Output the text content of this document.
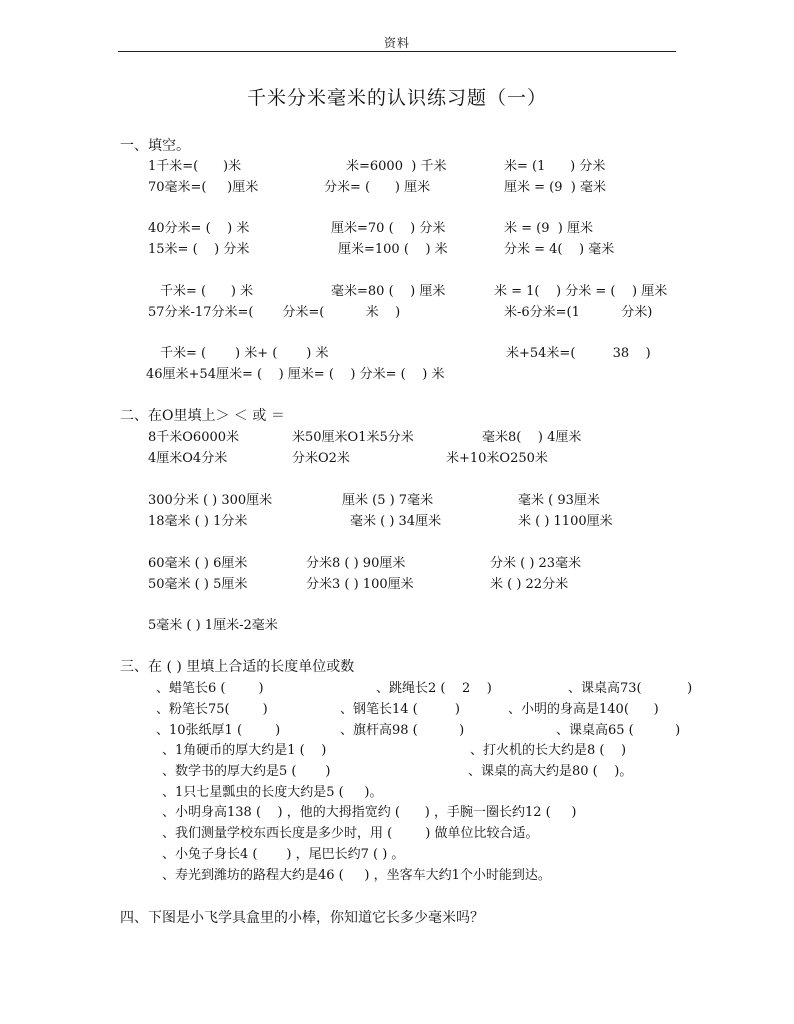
资料
千米分米毫米的认识练习题（一）
一、填空。
1千米=(      )米	米=6000  ) 千米	米= (1      ) 分米
70毫米=(     )厘米	分米= (      ) 厘米	厘米 = (9  ) 毫米
40分米= (    ) 米	厘米=70 (    ) 分米	米 = (9  ) 厘米
15米= (    ) 分米	厘米=100 (    ) 米	分米 = 4(    ) 毫米
千米= (      ) 米	毫米=80 (    ) 厘米	米 = 1(    ) 分米 = (    ) 厘米
57分米-17分米=(       分米=(          米    )	米-6分米=(1          分米)
千米= (       ) 米+ (       ) 米	米+54米=(         38    )
46厘米+54厘米= (    ) 厘米= (    ) 分米= (    ) 米
二、在O里填上＞ ＜ 或 ＝
8千米O6000米	米50厘米O1米5分米	毫米8(    ) 4厘米
4厘米O4分米	分米O2米	米+10米O250米
300分米 ( ) 300厘米	厘米 (5 ) 7毫米	毫米 ( 93厘米
18毫米 ( ) 1分米	毫米 ( ) 34厘米	米 ( ) 1100厘米
60毫米 ( ) 6厘米	分米8 ( ) 90厘米	分米 ( ) 23毫米
50毫米 ( ) 5厘米	分米3 ( ) 100厘米	米 ( ) 22分米
5毫米 ( ) 1厘米-2毫米
三、在 ( ) 里填上合适的长度单位或数
、蜡笔长6 (        )	、跳绳长2 (    2    )	、课桌高73(           )
、粉笔长75(        )	、钢笔长14 (         )	、小明的身高是140(      )
、10张纸厚1 (        )	、旗杆高98 (          )	、课桌高65 (          )
、1角硬币的厚大约是1 (    )	、打火机的长大约是8 (    )
、数学书的厚大约是5 (       )	、课桌的高大约是80 (    )。
、1只七星瓢虫的长度大约是5 (     )。
、小明身高138 (    ) ，他的大拇指宽约 (      ) ，手腕一圈长约12 (     )
、我们测量学校东西长度是多少时，用 (        ) 做单位比较合适。
、小兔子身长4 (       ) ，尾巴长约7 ( ) 。
、寿光到潍坊的路程大约是46 (     ) ，坐客车大约1个小时能到达。
四、下图是小飞学具盒里的小棒，你知道它长多少毫米吗？
